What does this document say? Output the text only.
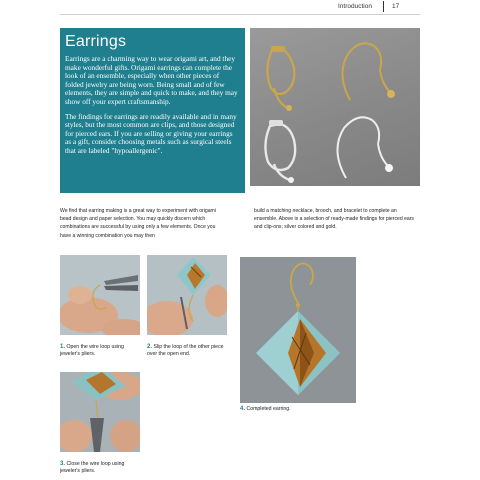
Introduction	17
Earrings

Earrings are a charming way to wear origami art, and they make wonderful gifts. Origami earrings can complete the look of an ensemble, especially when other pieces of folded jewelry are being worn. Being small and of few elements, they are simple and quick to make, and they may show off your expert craftsmanship.

The findings for earrings are readily available and in many styles, but the most common are clips, and those designed for pierced ears. If you are selling or giving your earrings as a gift, consider choosing metals such as surgical steels that are labeled "hypoallergenic".

We find that earring making is a great way to experiment with origami bead design and paper selection. You may quickly discern which combinations are successful by using only a few elements. Once you have a winning combination you may then
build a matching necklace, brooch, and bracelet to complete an ensemble. Above is a selection of ready-made findings for pierced ears and clip-ons; silver colored and gold.
1. Open the wire loop using jeweler's pliers.
2. Slip the loop of the other piece over the open end.
4. Completed earring.
3. Close the wire loop using jeweler's pliers.
